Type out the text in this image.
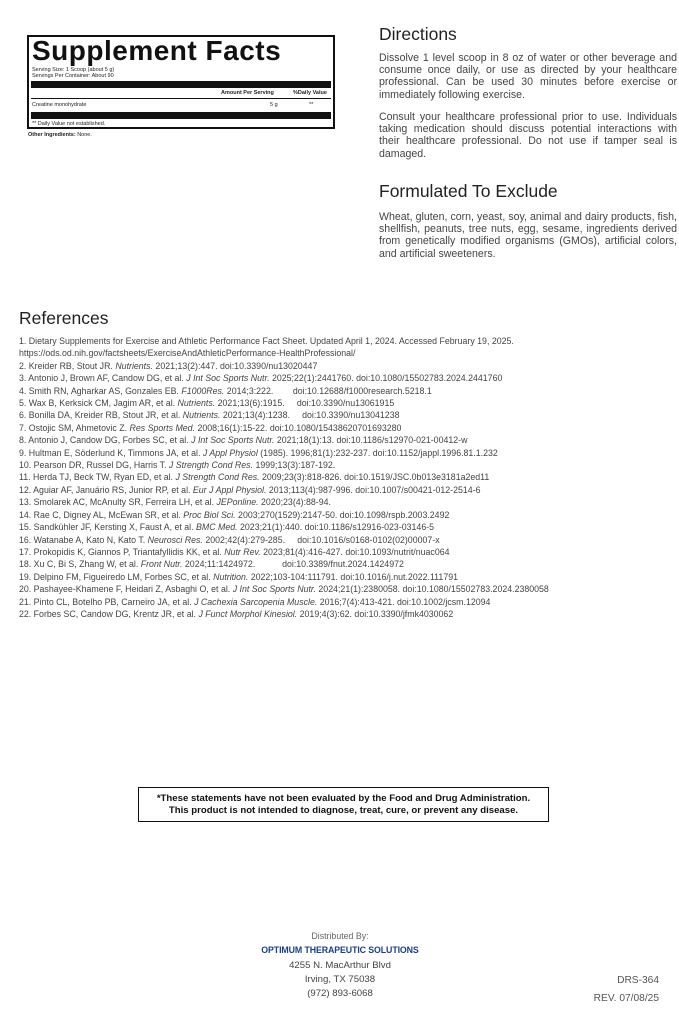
Supplement Facts
Serving Size: 1 Scoop (about 5 g)
Servings Per Container: About 90
Amount Per Serving	%Daily Value
Creatine monohydrate	5 g	**
** Daily Value not established.
Other Ingredients: None.
Directions

Dissolve 1 level scoop in 8 oz of water or other beverage and consume once daily, or use as directed by your healthcare professional. Can be used 30 minutes before exercise or immediately following exercise.

Consult your healthcare professional prior to use. Individuals taking medication should discuss potential interactions with their healthcare professional. Do not use if tamper seal is damaged.

Formulated To Exclude

Wheat, gluten, corn, yeast, soy, animal and dairy products, fish, shellfish, peanuts, tree nuts, egg, sesame, ingredients derived from genetically modified organisms (GMOs), artificial colors, and artificial sweeteners.

References
1. Dietary Supplements for Exercise and Athletic Performance Fact Sheet. Updated April 1, 2024. Accessed February 19, 2025. https://ods.od.nih.gov/factsheets/ExerciseAndAthleticPerformance-HealthProfessional/
2. Kreider RB, Stout JR. Nutrients. 2021;13(2):447. doi:10.3390/nu13020447
3. Antonio J, Brown AF, Candow DG, et al. J Int Soc Sports Nutr. 2025;22(1):2441760. doi:10.1080/15502783.2024.2441760
4. Smith RN, Agharkar AS, Gonzales EB. F1000Res. 2014;3:222.        doi:10.12688/f1000research.5218.1
5. Wax B, Kerksick CM, Jagim AR, et al. Nutrients. 2021;13(6):1915.     doi:10.3390/nu13061915
6. Bonilla DA, Kreider RB, Stout JR, et al. Nutrients. 2021;13(4):1238.     doi:10.3390/nu13041238
7. Ostojic SM, Ahmetovic Z. Res Sports Med. 2008;16(1):15-22. doi:10.1080/15438620701693280
8. Antonio J, Candow DG, Forbes SC, et al. J Int Soc Sports Nutr. 2021;18(1):13. doi:10.1186/s12970-021-00412-w
9. Hultman E, Söderlund K, Timmons JA, et al. J Appl Physiol (1985). 1996;81(1):232-237. doi:10.1152/jappl.1996.81.1.232
10. Pearson DR, Russel DG, Harris T. J Strength Cond Res. 1999;13(3):187-192.
11. Herda TJ, Beck TW, Ryan ED, et al. J Strength Cond Res. 2009;23(3):818-826. doi:10.1519/JSC.0b013e3181a2ed11
12. Aguiar AF, Januário RS, Junior RP, et al. Eur J Appl Physiol. 2013;113(4):987-996. doi:10.1007/s00421-012-2514-6
13. Smolarek AC, McAnulty SR, Ferreira LH, et al. JEPonline. 2020;23(4):88-94.
14. Rae C, Digney AL, McEwan SR, et al. Proc Biol Sci. 2003;270(1529):2147-50. doi:10.1098/rspb.2003.2492
15. Sandkühler JF, Kersting X, Faust A, et al. BMC Med. 2023;21(1):440. doi:10.1186/s12916-023-03146-5
16. Watanabe A, Kato N, Kato T. Neurosci Res. 2002;42(4):279-285.     doi:10.1016/s0168-0102(02)00007-x
17. Prokopidis K, Giannos P, Triantafyllidis KK, et al. Nutr Rev. 2023;81(4):416-427. doi:10.1093/nutrit/nuac064
18. Xu C, Bi S, Zhang W, et al. Front Nutr. 2024;11:1424972.           doi:10.3389/fnut.2024.1424972
19. Delpino FM, Figueiredo LM, Forbes SC, et al. Nutrition. 2022;103-104:111791. doi:10.1016/j.nut.2022.111791
20. Pashayee-Khamene F, Heidari Z, Asbaghi O, et al. J Int Soc Sports Nutr. 2024;21(1):2380058. doi:10.1080/15502783.2024.2380058
21. Pinto CL, Botelho PB, Carneiro JA, et al. J Cachexia Sarcopenia Muscle. 2016;7(4):413-421. doi:10.1002/jcsm.12094
22. Forbes SC, Candow DG, Krentz JR, et al. J Funct Morphol Kinesiol. 2019;4(3):62. doi:10.3390/jfmk4030062
*These statements have not been evaluated by the Food and Drug Administration.
This product is not intended to diagnose, treat, cure, or prevent any disease.
Distributed By:
OPTIMUM THERAPEUTIC SOLUTIONS
4255 N. MacArthur Blvd
Irving, TX 75038
(972) 893-6068
DRS-364
REV. 07/08/25
